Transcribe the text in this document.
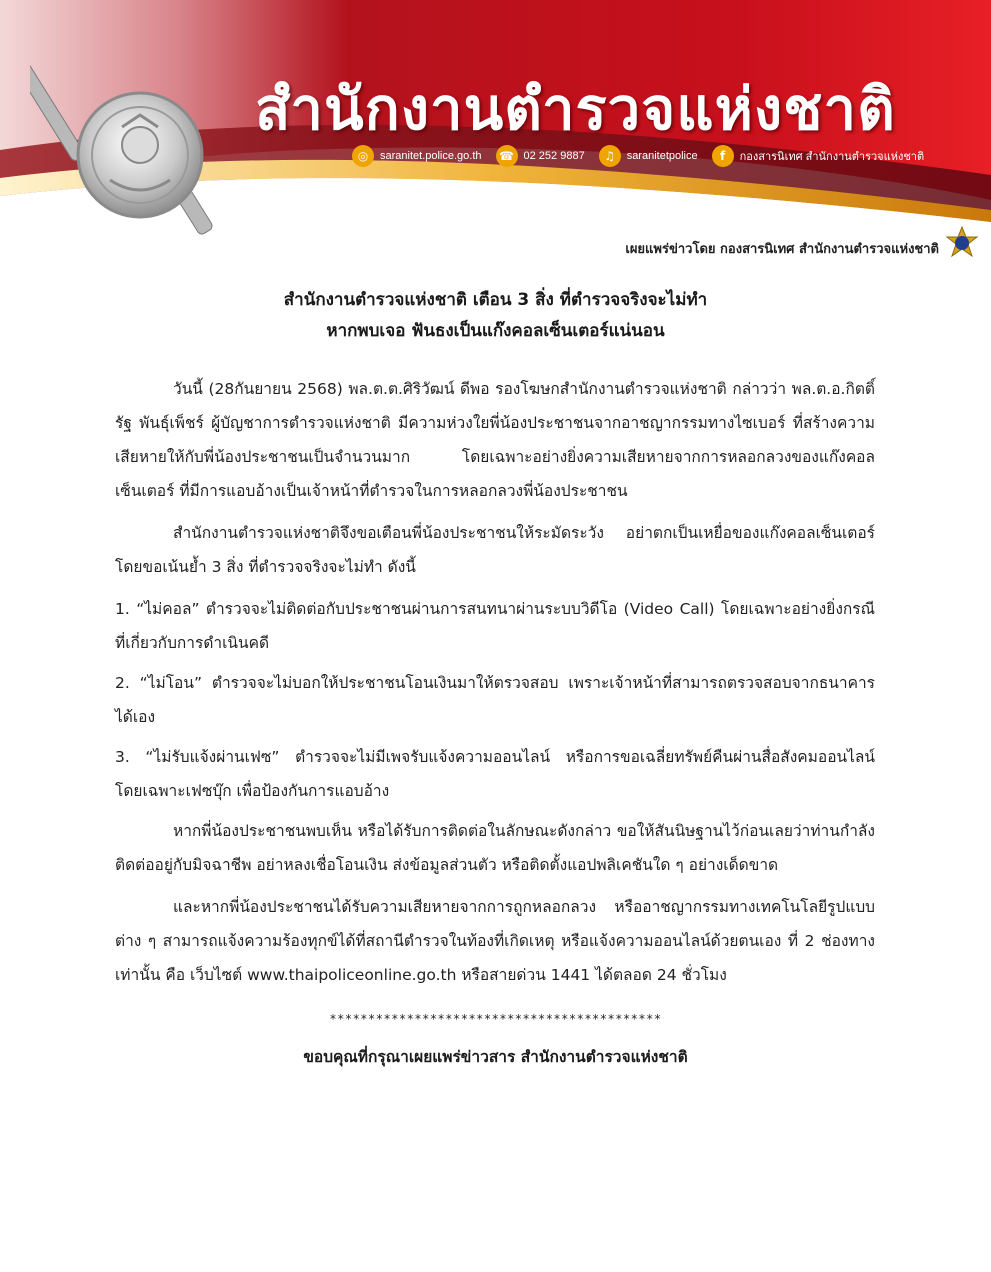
สำนักงานตำรวจแห่งชาติ
◎	saranitet.police.go.th ☎ 02 252 9887	♫	saranitetpolice	f	กองสารนิเทศ สำนักงานตำรวจแห่งชาติ
เผยแพร่ข่าวโดย กองสารนิเทศ สำนักงานตำรวจแห่งชาติ
สำนักงานตำรวจแห่งชาติ เตือน 3 สิ่ง ที่ตำรวจจริงจะไม่ทำ
หากพบเจอ ฟันธงเป็นแก๊งคอลเซ็นเตอร์แน่นอน

วันนี้ (28กันยายน 2568) พล.ต.ต.ศิริวัฒน์ ดีพอ รองโฆษกสำนักงานตำรวจแห่งชาติ กล่าวว่า พล.ต.อ.กิตติ์รัฐ พันธุ์เพ็ชร์ ผู้บัญชาการตำรวจแห่งชาติ มีความห่วงใยพี่น้องประชาชนจากอาชญากรรมทางไซเบอร์ ที่สร้างความเสียหายให้กับพี่น้องประชาชนเป็นจำนวนมาก โดยเฉพาะอย่างยิ่งความเสียหายจากการหลอกลวงของแก๊งคอลเซ็นเตอร์ ที่มีการแอบอ้างเป็นเจ้าหน้าที่ตำรวจในการหลอกลวงพี่น้องประชาชน

สำนักงานตำรวจแห่งชาติจึงขอเตือนพี่น้องประชาชนให้ระมัดระวัง อย่าตกเป็นเหยื่อของแก๊งคอลเซ็นเตอร์ โดยขอเน้นย้ำ 3 สิ่ง ที่ตำรวจจริงจะไม่ทำ ดังนี้

1. “ไม่คอล” ตำรวจจะไม่ติดต่อกับประชาชนผ่านการสนทนาผ่านระบบวิดีโอ (Video Call) โดยเฉพาะอย่างยิ่งกรณีที่เกี่ยวกับการดำเนินคดี

2. “ไม่โอน” ตำรวจจะไม่บอกให้ประชาชนโอนเงินมาให้ตรวจสอบ เพราะเจ้าหน้าที่สามารถตรวจสอบจากธนาคารได้เอง

3. “ไม่รับแจ้งผ่านเฟซ” ตำรวจจะไม่มีเพจรับแจ้งความออนไลน์ หรือการขอเฉลี่ยทรัพย์คืนผ่านสื่อสังคมออนไลน์ โดยเฉพาะเฟซบุ๊ก เพื่อป้องกันการแอบอ้าง

หากพี่น้องประชาชนพบเห็น หรือได้รับการติดต่อในลักษณะดังกล่าว ขอให้สันนิษฐานไว้ก่อนเลยว่าท่านกำลังติดต่ออยู่กับมิจฉาชีพ อย่าหลงเชื่อโอนเงิน ส่งข้อมูลส่วนตัว หรือติดตั้งแอปพลิเคชันใด ๆ อย่างเด็ดขาด

และหากพี่น้องประชาชนได้รับความเสียหายจากการถูกหลอกลวง หรืออาชญากรรมทางเทคโนโลยีรูปแบบต่าง ๆ สามารถแจ้งความร้องทุกข์ได้ที่สถานีตำรวจในท้องที่เกิดเหตุ หรือแจ้งความออนไลน์ด้วยตนเอง ที่ 2 ช่องทางเท่านั้น คือ เว็บไซต์ www.thaipoliceonline.go.th หรือสายด่วน 1441 ได้ตลอด 24 ชั่วโมง

*******************************************
ขอบคุณที่กรุณาเผยแพร่ข่าวสาร สำนักงานตำรวจแห่งชาติ
